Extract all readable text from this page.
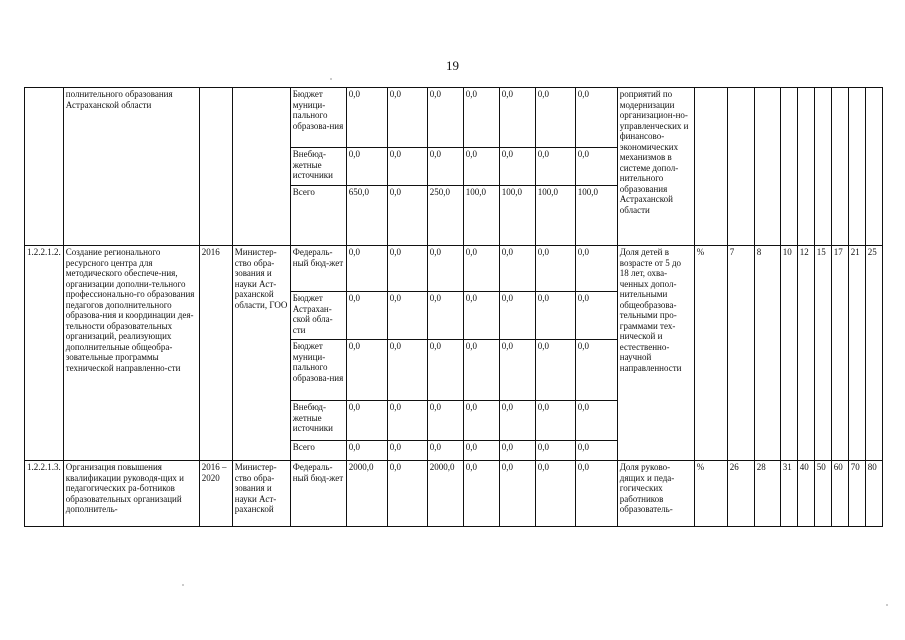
19
	полнительного образования Астраханской области			Бюджет муници-пального образова-ния	0,0	0,0	0,0	0,0	0,0	0,0	0,0	роприятий по модернизации организацион-но-управленческих и финансово-экономических механизмов в системе допол-нительного образования Астраханской области									
				Внебюд-жетные источники	0,0	0,0	0,0	0,0	0,0	0,0	0,0										
				Всего	650,0	0,0	250,0	100,0	100,0	100,0	100,0										
1.2.2.1.2.	Создание регионального ресурсного центра для методического обеспече-ния, организации дополни-тельного профессионально-го образования педагогов дополнительного образова-ния и координации дея-тельности образовательных организаций, реализующих дополнительные общеобра-зовательные программы технической направленно-сти	2016	Министер-ство обра-зования и науки Аст-раханской области, ГОО	Федераль-ный бюд-жет	0,0	0,0	0,0	0,0	0,0	0,0	0,0	Доля детей в возрасте от 5 до 18 лет, охва-ченных допол-нительными общеобразова-тельными про-граммами тех-нической и естественно-научной направленности	%	7	8	10	12	15	17	21	25
				Бюджет Астрахан-ской обла-сти	0,0	0,0	0,0	0,0	0,0	0,0	0,0										
				Бюджет муници-пального образова-ния	0,0	0,0	0,0	0,0	0,0	0,0	0,0										
				Внебюд-жетные источники	0,0	0,0	0,0	0,0	0,0	0,0	0,0										
				Всего	0,0	0,0	0,0	0,0	0,0	0,0	0,0										
1.2.2.1.3.	Организация повышения квалификации руководя-щих и педагогических ра-ботников образовательных организаций дополнитель-	2016 – 2020	Министер-ство обра-зования и науки Аст-раханской	Федераль-ный бюд-жет	2000,0	0,0	2000,0	0,0	0,0	0,0	0,0	Доля руково-дящих и педа-гогических работников образователь-	%	26	28	31	40	50	60	70	80
